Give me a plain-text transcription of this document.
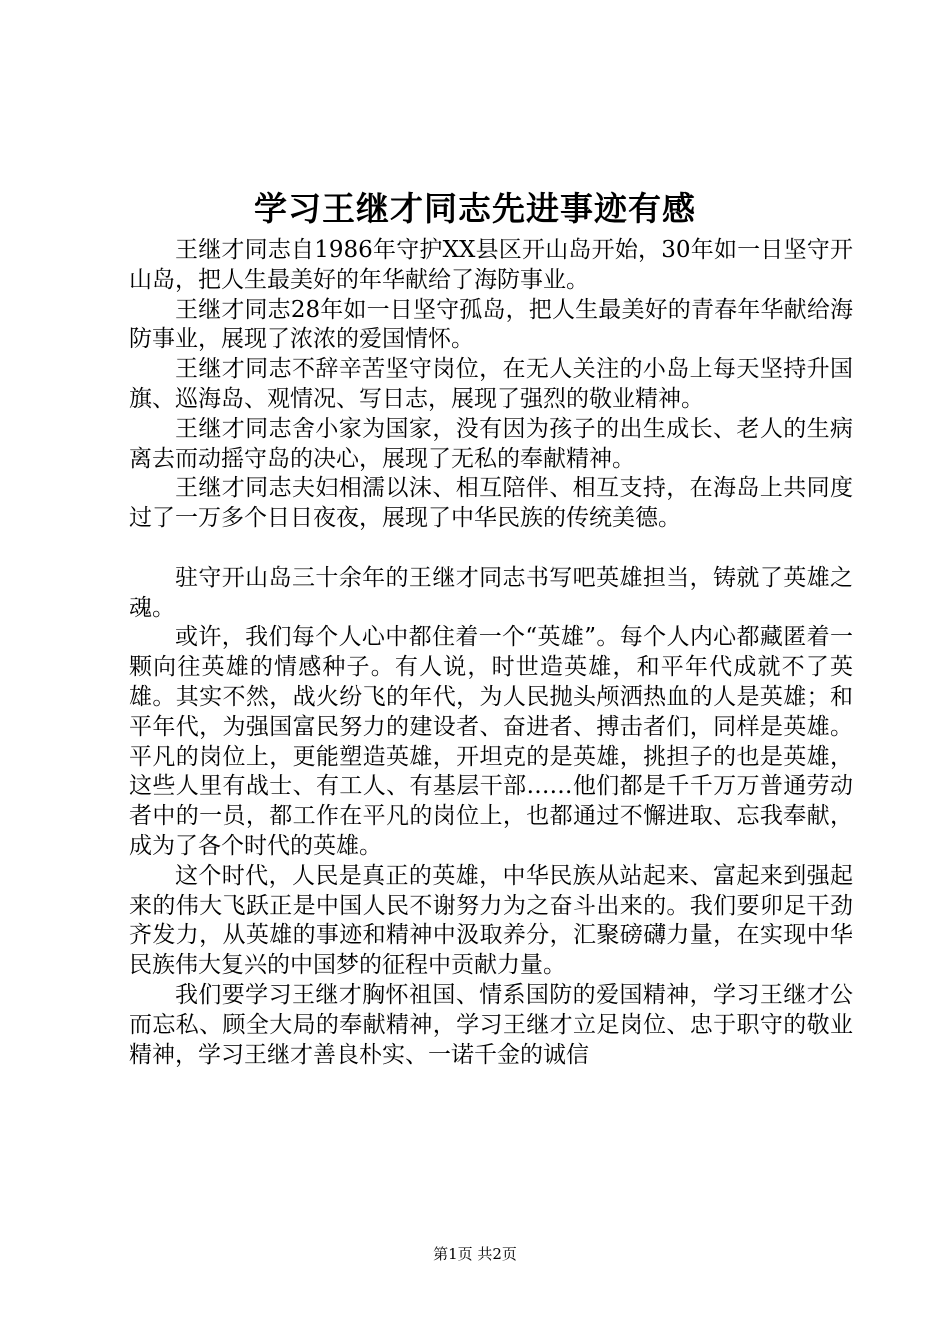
学习王继才同志先进事迹有感

王继才同志自1986年守护XX县区开山岛开始，30年如一日坚守开山岛，把人生最美好的年华献给了海防事业。

王继才同志28年如一日坚守孤岛，把人生最美好的青春年华献给海防事业，展现了浓浓的爱国情怀。

王继才同志不辞辛苦坚守岗位，在无人关注的小岛上每天坚持升国旗、巡海岛、观情况、写日志，展现了强烈的敬业精神。

王继才同志舍小家为国家，没有因为孩子的出生成长、老人的生病离去而动摇守岛的决心，展现了无私的奉献精神。

王继才同志夫妇相濡以沫、相互陪伴、相互支持，在海岛上共同度过了一万多个日日夜夜，展现了中华民族的传统美德。

驻守开山岛三十余年的王继才同志书写吧英雄担当，铸就了英雄之魂。

或许，我们每个人心中都住着一个“英雄”。每个人内心都藏匿着一颗向往英雄的情感种子。有人说，时世造英雄，和平年代成就不了英雄。其实不然，战火纷飞的年代，为人民抛头颅洒热血的人是英雄；和平年代，为强国富民努力的建设者、奋进者、搏击者们，同样是英雄。平凡的岗位上，更能塑造英雄，开坦克的是英雄，挑担子的也是英雄，这些人里有战士、有工人、有基层干部……他们都是千千万万普通劳动者中的一员，都工作在平凡的岗位上，也都通过不懈进取、忘我奉献，成为了各个时代的英雄。

这个时代，人民是真正的英雄，中华民族从站起来、富起来到强起来的伟大飞跃正是中国人民不谢努力为之奋斗出来的。我们要卯足干劲齐发力，从英雄的事迹和精神中汲取养分，汇聚磅礴力量，在实现中华民族伟大复兴的中国梦的征程中贡献力量。

我们要学习王继才胸怀祖国、情系国防的爱国精神，学习王继才公而忘私、顾全大局的奉献精神，学习王继才立足岗位、忠于职守的敬业精神，学习王继才善良朴实、一诺千金的诚信

第1页 共2页
